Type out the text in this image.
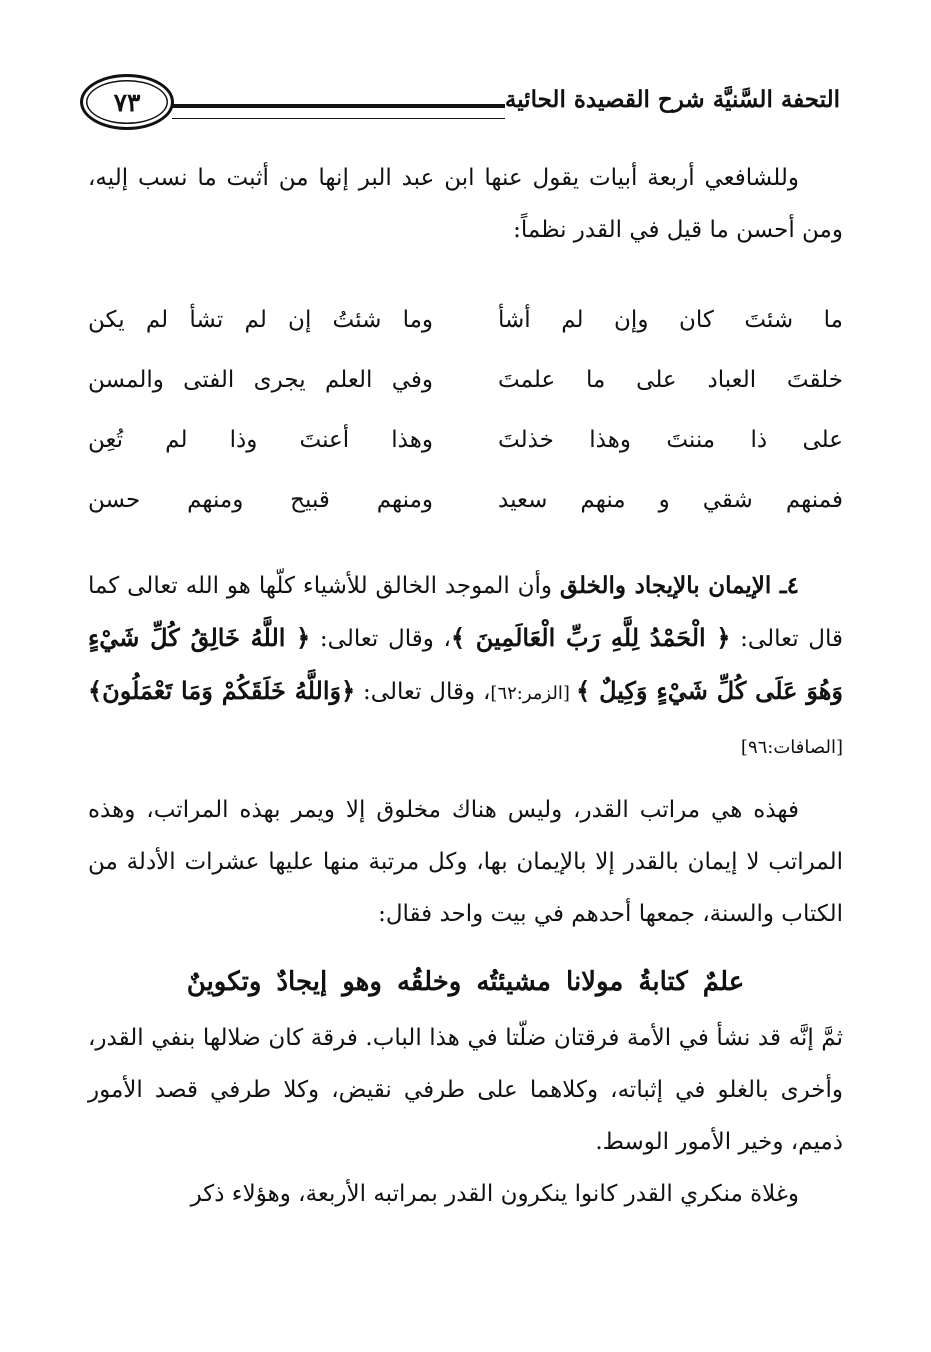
التحفة السَّنيَّة شرح القصيدة الحائية
٧٣

وللشافعي أربعة أبيات يقول عنها ابن عبد البر إنها من أثبت ما نسب إليه، ومن أحسن ما قيل في القدر نظماً:

ما شئتَ كان وإن لم أشأ
وما شئتُ إن لم تشأ لم يكن
خلقتَ العباد على ما علمتَ
وفي العلم يجرى الفتى والمسن
على ذا مننتَ وهذا خذلتَ
وهذا أعنتَ وذا لم تُعِن
فمنهم شقي و منهم سعيد
ومنهم قبيح ومنهم حسن

٤ـ الإيمان بالإيجاد والخلق وأن الموجد الخالق للأشياء كلّها هو الله تعالى كما قال تعالى: ﴿ الْحَمْدُ لِلَّهِ رَبِّ الْعَالَمِينَ ﴾، وقال تعالى: ﴿ اللَّهُ خَالِقُ كُلِّ شَيْءٍ وَهُوَ عَلَى كُلِّ شَيْءٍ وَكِيلٌ ﴾ [الزمر:٦٢]، وقال تعالى: ﴿وَاللَّهُ خَلَقَكُمْ وَمَا تَعْمَلُونَ﴾ [الصافات:٩٦]

فهذه هي مراتب القدر، وليس هناك مخلوق إلا ويمر بهذه المراتب، وهذه المراتب لا إيمان بالقدر إلا بالإيمان بها، وكل مرتبة منها عليها عشرات الأدلة من الكتاب والسنة، جمعها أحدهم في بيت واحد فقال:

علمٌ كتابةُ مولانا مشيئتُه وخلقُه وهو إيجادٌ وتكوينٌ

ثمَّ إنَّه قد نشأ في الأمة فرقتان ضلّتا في هذا الباب. فرقة كان ضلالها بنفي القدر، وأخرى بالغلو في إثباته، وكلاهما على طرفي نقيض، وكلا طرفي قصد الأمور ذميم، وخير الأمور الوسط.

وغلاة منكري القدر كانوا ينكرون القدر بمراتبه الأربعة، وهؤلاء ذكر
